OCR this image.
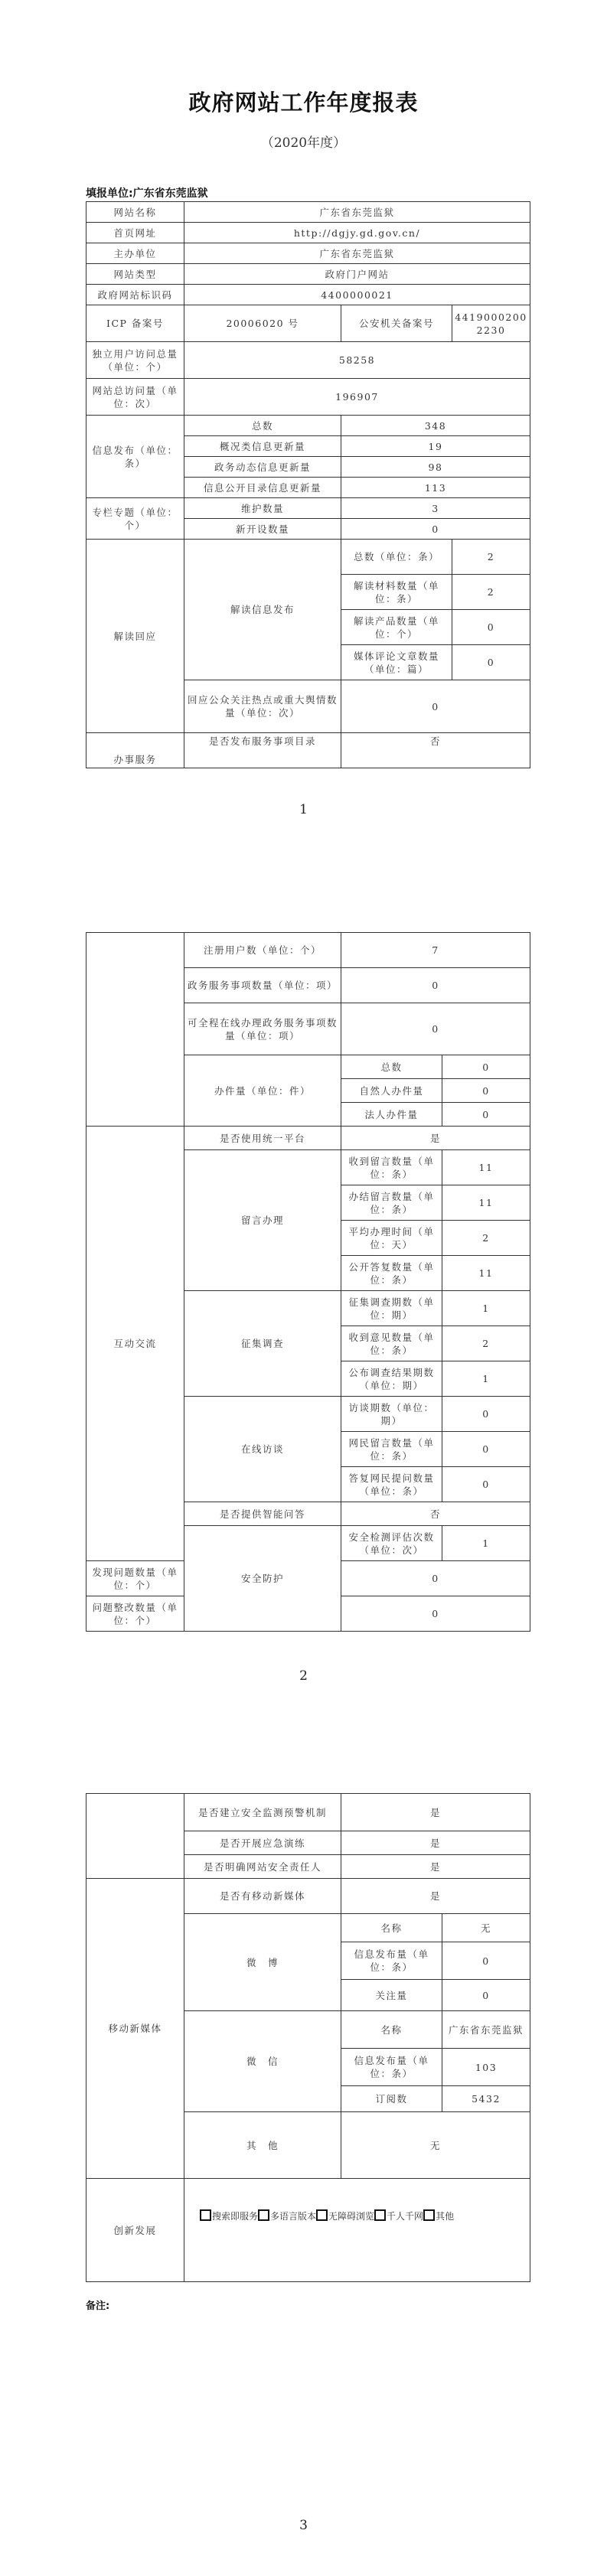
政府网站工作年度报表
（2020年度）
填报单位:广东省东莞监狱
网站名称	广东省东莞监狱		
首页网址	http://dgjy.gd.gov.cn/		
主办单位	广东省东莞监狱		
网站类型	政府门户网站		
政府网站标识码	4400000021		
ICP 备案号	20006020 号	公安机关备案号	44190002002230
独立用户访问总量（单位：个）	58258		
网站总访问量（单位：次）	196907		
信息发布（单位：条）	总数	348	
	概况类信息更新量	19	
	政务动态信息更新量	98	
	信息公开目录信息更新量	113	
专栏专题（单位：个）	维护数量	3	
	新开设数量	0	
解读回应	解读信息发布	总数（单位：条）	2
		解读材料数量（单位：条）	2
		解读产品数量（单位：个）	0
		媒体评论文章数量（单位：篇）	0
	回应公众关注热点或重大舆情数量（单位：次）	0	
办事服务	是否发布服务事项目录	否	
1
	注册用户数（单位：个）	7	
	政务服务事项数量（单位：项）	0	
	可全程在线办理政务服务事项数量（单位：项）	0	
	办件量（单位：件）	总数	0
		自然人办件量	0
		法人办件量	0
互动交流	是否使用统一平台	是	
	留言办理	收到留言数量（单位：条）	11
		办结留言数量（单位：条）	11
		平均办理时间（单位：天）	2
		公开答复数量（单位：条）	11
	征集调查	征集调查期数（单位：期）	1
		收到意见数量（单位：条）	2
		公布调查结果期数（单位：期）	1
	在线访谈	访谈期数（单位：期）	0
		网民留言数量（单位：条）	0
		答复网民提问数量（单位：条）	0
	是否提供智能问答	否	
	安全防护	安全检测评估次数（单位：次）	1
发现问题数量（单位：个）		0	
问题整改数量（单位：个）		0	
2
	是否建立安全监测预警机制	是	
	是否开展应急演练	是	
	是否明确网站安全责任人	是	
移动新媒体	是否有移动新媒体	是	
	微　博	名称	无
		信息发布量（单位：条）	0
		关注量	0
	微　信	名称	广东省东莞监狱
		信息发布量（单位：条）	103
		订阅数	5432
	其　他	无	
创新发展	搜索即服务 多语言版本 无障碍浏览 千人千网 其他		
备注:
3
